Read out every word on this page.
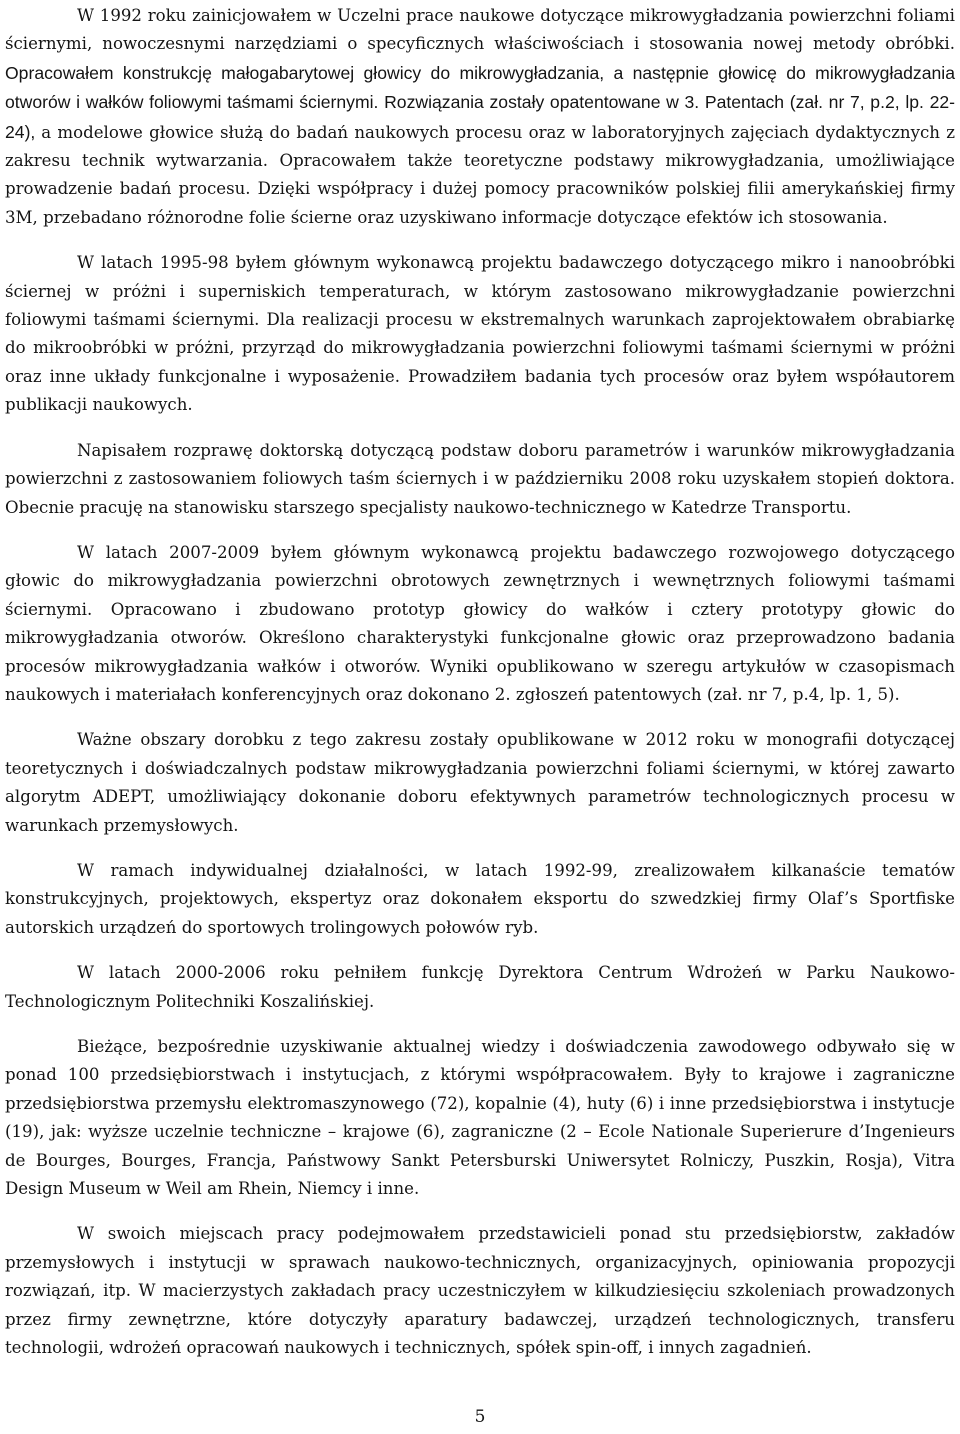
W 1992 roku zainicjowałem w Uczelni prace naukowe dotyczące mikrowygładzania powierzchni foliami ściernymi, nowoczesnymi narzędziami o specyficznych właściwościach i stosowania nowej metody obróbki. Opracowałem konstrukcję małogabarytowej głowicy do mikrowygładzania, a następnie głowicę do mikrowygładzania otworów i wałków foliowymi taśmami ściernymi. Rozwiązania zostały opatentowane w 3. Patentach (zał. nr 7, p.2, lp. 22-24), a modelowe głowice służą do badań naukowych procesu oraz w laboratoryjnych zajęciach dydaktycznych z zakresu technik wytwarzania. Opracowałem także teoretyczne podstawy mikrowygładzania, umożliwiające prowadzenie badań procesu. Dzięki współpracy i dużej pomocy pracowników polskiej filii amerykańskiej firmy 3M, przebadano różnorodne folie ścierne oraz uzyskiwano informacje dotyczące efektów ich stosowania.

W latach 1995-98 byłem głównym wykonawcą projektu badawczego dotyczącego mikro i nanoobróbki ściernej w próżni i superniskich temperaturach, w którym zastosowano mikrowygładzanie powierzchni foliowymi taśmami ściernymi. Dla realizacji procesu w ekstremalnych warunkach zaprojektowałem obrabiarkę do mikroobróbki w próżni, przyrząd do mikrowygładzania powierzchni foliowymi taśmami ściernymi w próżni oraz inne układy funkcjonalne i wyposażenie. Prowadziłem badania tych procesów oraz byłem współautorem publikacji naukowych.

Napisałem rozprawę doktorską dotyczącą podstaw doboru parametrów i warunków mikrowygładzania powierzchni z zastosowaniem foliowych taśm ściernych i w październiku 2008 roku uzyskałem stopień doktora. Obecnie pracuję na stanowisku starszego specjalisty naukowo-technicznego w Katedrze Transportu.

W latach 2007-2009 byłem głównym wykonawcą projektu badawczego rozwojowego dotyczącego głowic do mikrowygładzania powierzchni obrotowych zewnętrznych i wewnętrznych foliowymi taśmami ściernymi. Opracowano i zbudowano prototyp głowicy do wałków i cztery prototypy głowic do mikrowygładzania otworów. Określono charakterystyki funkcjonalne głowic oraz przeprowadzono badania procesów mikrowygładzania wałków i otworów. Wyniki opublikowano w szeregu artykułów w czasopismach naukowych i materiałach konferencyjnych oraz dokonano 2. zgłoszeń patentowych (zał. nr 7, p.4, lp. 1, 5).

Ważne obszary dorobku z tego zakresu zostały opublikowane w 2012 roku w monografii dotyczącej teoretycznych i doświadczalnych podstaw mikrowygładzania powierzchni foliami ściernymi, w której zawarto algorytm ADEPT, umożliwiający dokonanie doboru efektywnych parametrów technologicznych procesu w warunkach przemysłowych.

W ramach indywidualnej działalności, w latach 1992-99, zrealizowałem kilkanaście tematów konstrukcyjnych, projektowych, ekspertyz oraz dokonałem eksportu do szwedzkiej firmy Olaf’s Sportfiske autorskich urządzeń do sportowych trolingowych połowów ryb.

W latach 2000-2006 roku pełniłem funkcję Dyrektora Centrum Wdrożeń w Parku Naukowo-Technologicznym Politechniki Koszalińskiej.

Bieżące, bezpośrednie uzyskiwanie aktualnej wiedzy i doświadczenia zawodowego odbywało się w ponad 100 przedsiębiorstwach i instytucjach, z którymi współpracowałem. Były to krajowe i zagraniczne przedsiębiorstwa przemysłu elektromaszynowego (72), kopalnie (4), huty (6) i inne przedsiębiorstwa i instytucje (19), jak: wyższe uczelnie techniczne – krajowe (6), zagraniczne (2 – Ecole Nationale Superierure d’Ingenieurs de Bourges, Bourges, Francja, Państwowy Sankt Petersburski Uniwersytet Rolniczy, Puszkin, Rosja), Vitra Design Museum w Weil am Rhein, Niemcy i inne.

W swoich miejscach pracy podejmowałem przedstawicieli ponad stu przedsiębiorstw, zakładów przemysłowych i instytucji w sprawach naukowo-technicznych, organizacyjnych, opiniowania propozycji rozwiązań, itp. W macierzystych zakładach pracy uczestniczyłem w kilkudziesięciu szkoleniach prowadzonych przez firmy zewnętrzne, które dotyczyły aparatury badawczej, urządzeń technologicznych, transferu technologii, wdrożeń opracowań naukowych i technicznych, spółek spin-off, i innych zagadnień.

5
